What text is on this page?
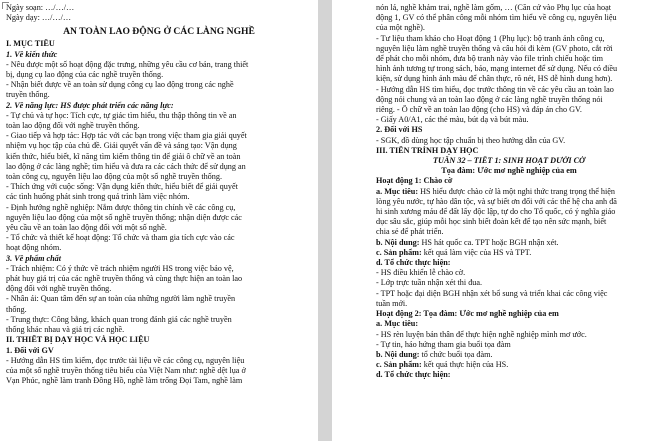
Ngày soạn: …/…/…
Ngày dạy: …/…/…
AN TOÀN LAO ĐỘNG Ở CÁC LÀNG NGHỀ
I. MỤC TIÊU
1. Về kiến thức
- Nêu được một số hoạt động đặc trưng, những yêu cầu cơ bản, trang thiết
bị, dụng cụ lao động của các nghề truyền thống.
- Nhận biết được về an toàn sử dụng công cụ lao động trong các nghề
truyền thống.
2. Về năng lực: HS được phát triển các năng lực:
- Tự chủ và tự học: Tích cực, tự giác tìm hiểu, thu thập thông tin về an
toàn lao động đối với nghề truyền thống.
- Giao tiếp và hợp tác: Hợp tác với các bạn trong việc tham gia giải quyết
nhiệm vụ học tập của chủ đề. Giải quyết vấn đề và sáng tạo: Vận dụng
kiến thức, hiểu biết, kĩ năng tìm kiếm thông tin để giải ô chữ về an toàn
lao động ở các làng nghề; tìm hiểu và đưa ra các cách thức để sử dụng an
toàn công cụ, nguyên liệu lao động của một số nghề truyền thống.
- Thích ứng với cuộc sống: Vận dụng kiến thức, hiểu biết để giải quyết
các tình huống phát sinh trong quá trình làm việc nhóm.
- Định hướng nghề nghiệp: Nắm được thông tin chính về các công cụ,
nguyên liệu lao động của một số nghề truyền thống; nhận diện được các
yêu cầu về an toàn lao động đối với một số nghề.
- Tổ chức và thiết kế hoạt động: Tổ chức và tham gia tích cực vào các
hoạt động nhóm.
3. Về phẩm chất
- Trách nhiệm: Có ý thức về trách nhiệm người HS trong việc bảo vệ,
phát huy giá trị của các nghề truyền thống và cùng thực hiện an toàn lao
động đối với nghề truyền thống.
- Nhân ái: Quan tâm đến sự an toàn của những người làm nghề truyền
thống.
- Trung thực: Công bằng, khách quan trong đánh giá các nghề truyền
thống khác nhau và giá trị các nghề.
II. THIẾT BỊ DẠY HỌC VÀ HỌC LIỆU
1. Đối với GV
- Hướng dẫn HS tìm kiếm, đọc trước tài liệu về các công cụ, nguyên liệu
của một số nghề truyền thống tiêu biểu của Việt Nam như: nghề dệt lụa ở
Vạn Phúc, nghề làm tranh Đông Hồ, nghề làm trống Đọi Tam, nghề làm
nón lá, nghề khảm trai, nghề làm gốm, … (Căn cứ vào Phụ lục của hoạt
động 1, GV có thể phân công mỗi nhóm tìm hiểu về công cụ, nguyên liệu
của một nghề).
- Tư liệu tham khảo cho Hoạt động 1 (Phụ lục): bộ tranh ảnh công cụ,
nguyên liệu làm nghề truyền thống và câu hỏi đi kèm (GV photo, cắt rời
để phát cho mỗi nhóm, đưa bộ tranh này vào file trình chiếu hoặc tìm
hình ảnh tương tự trong sách, báo, mạng internet để sử dụng. Nếu có điều
kiện, sử dụng hình ảnh màu để chân thực, rõ nét, HS dễ hình dung hơn).
- Hướng dẫn HS tìm hiểu, đọc trước thông tin về các yêu cầu an toàn lao
động nói chung và an toàn lao động ở các làng nghề truyền thống nói
riêng. - Ô chữ về an toàn lao động (cho HS) và đáp án cho GV.
- Giấy A0/A1, các thẻ màu, bút dạ và bút màu.
2. Đối với HS
- SGK, đồ dùng học tập chuẩn bị theo hướng dẫn của GV.
III. TIẾN TRÌNH DẠY HỌC
TUẦN 32 – TIẾT 1: SINH HOẠT DƯỚI CỜ
Tọa đàm: Ước mơ nghề nghiệp của em
Hoạt động 1: Chào cờ
a. Mục tiêu: HS hiểu được chào cờ là một nghi thức trang trọng thể hiện
lòng yêu nước, tự hào dân tộc, và sự biết ơn đối với các thế hệ cha anh đã
hi sinh xương máu để đất lấy độc lập, tự do cho Tổ quốc, có ý nghĩa giáo
dục sâu sắc, giúp mỗi học sinh biết đoàn kết để tạo nên sức mạnh, biết
chia sẻ để phát triển.
b. Nội dung: HS hát quốc ca. TPT hoặc BGH nhận xét.
c. Sản phẩm: kết quả làm việc của HS và TPT.
d. Tổ chức thực hiện:
- HS điều khiển lễ chào cờ.
- Lớp trực tuần nhận xét thi đua.
- TPT hoặc đại diện BGH nhận xét bổ sung và triển khai các công việc
tuần mới.
Hoạt động 2: Tọa đàm: Ước mơ nghề nghiệp của em
a. Mục tiêu:
- HS rèn luyện bản thân để thực hiện nghề nghiệp mình mơ ước.
- Tự tin, háo hứng tham gia buổi tọa đàm
b. Nội dung: tổ chức buổi tọa đàm.
c. Sản phẩm: kết quả thực hiện của HS.
d. Tổ chức thực hiện:
